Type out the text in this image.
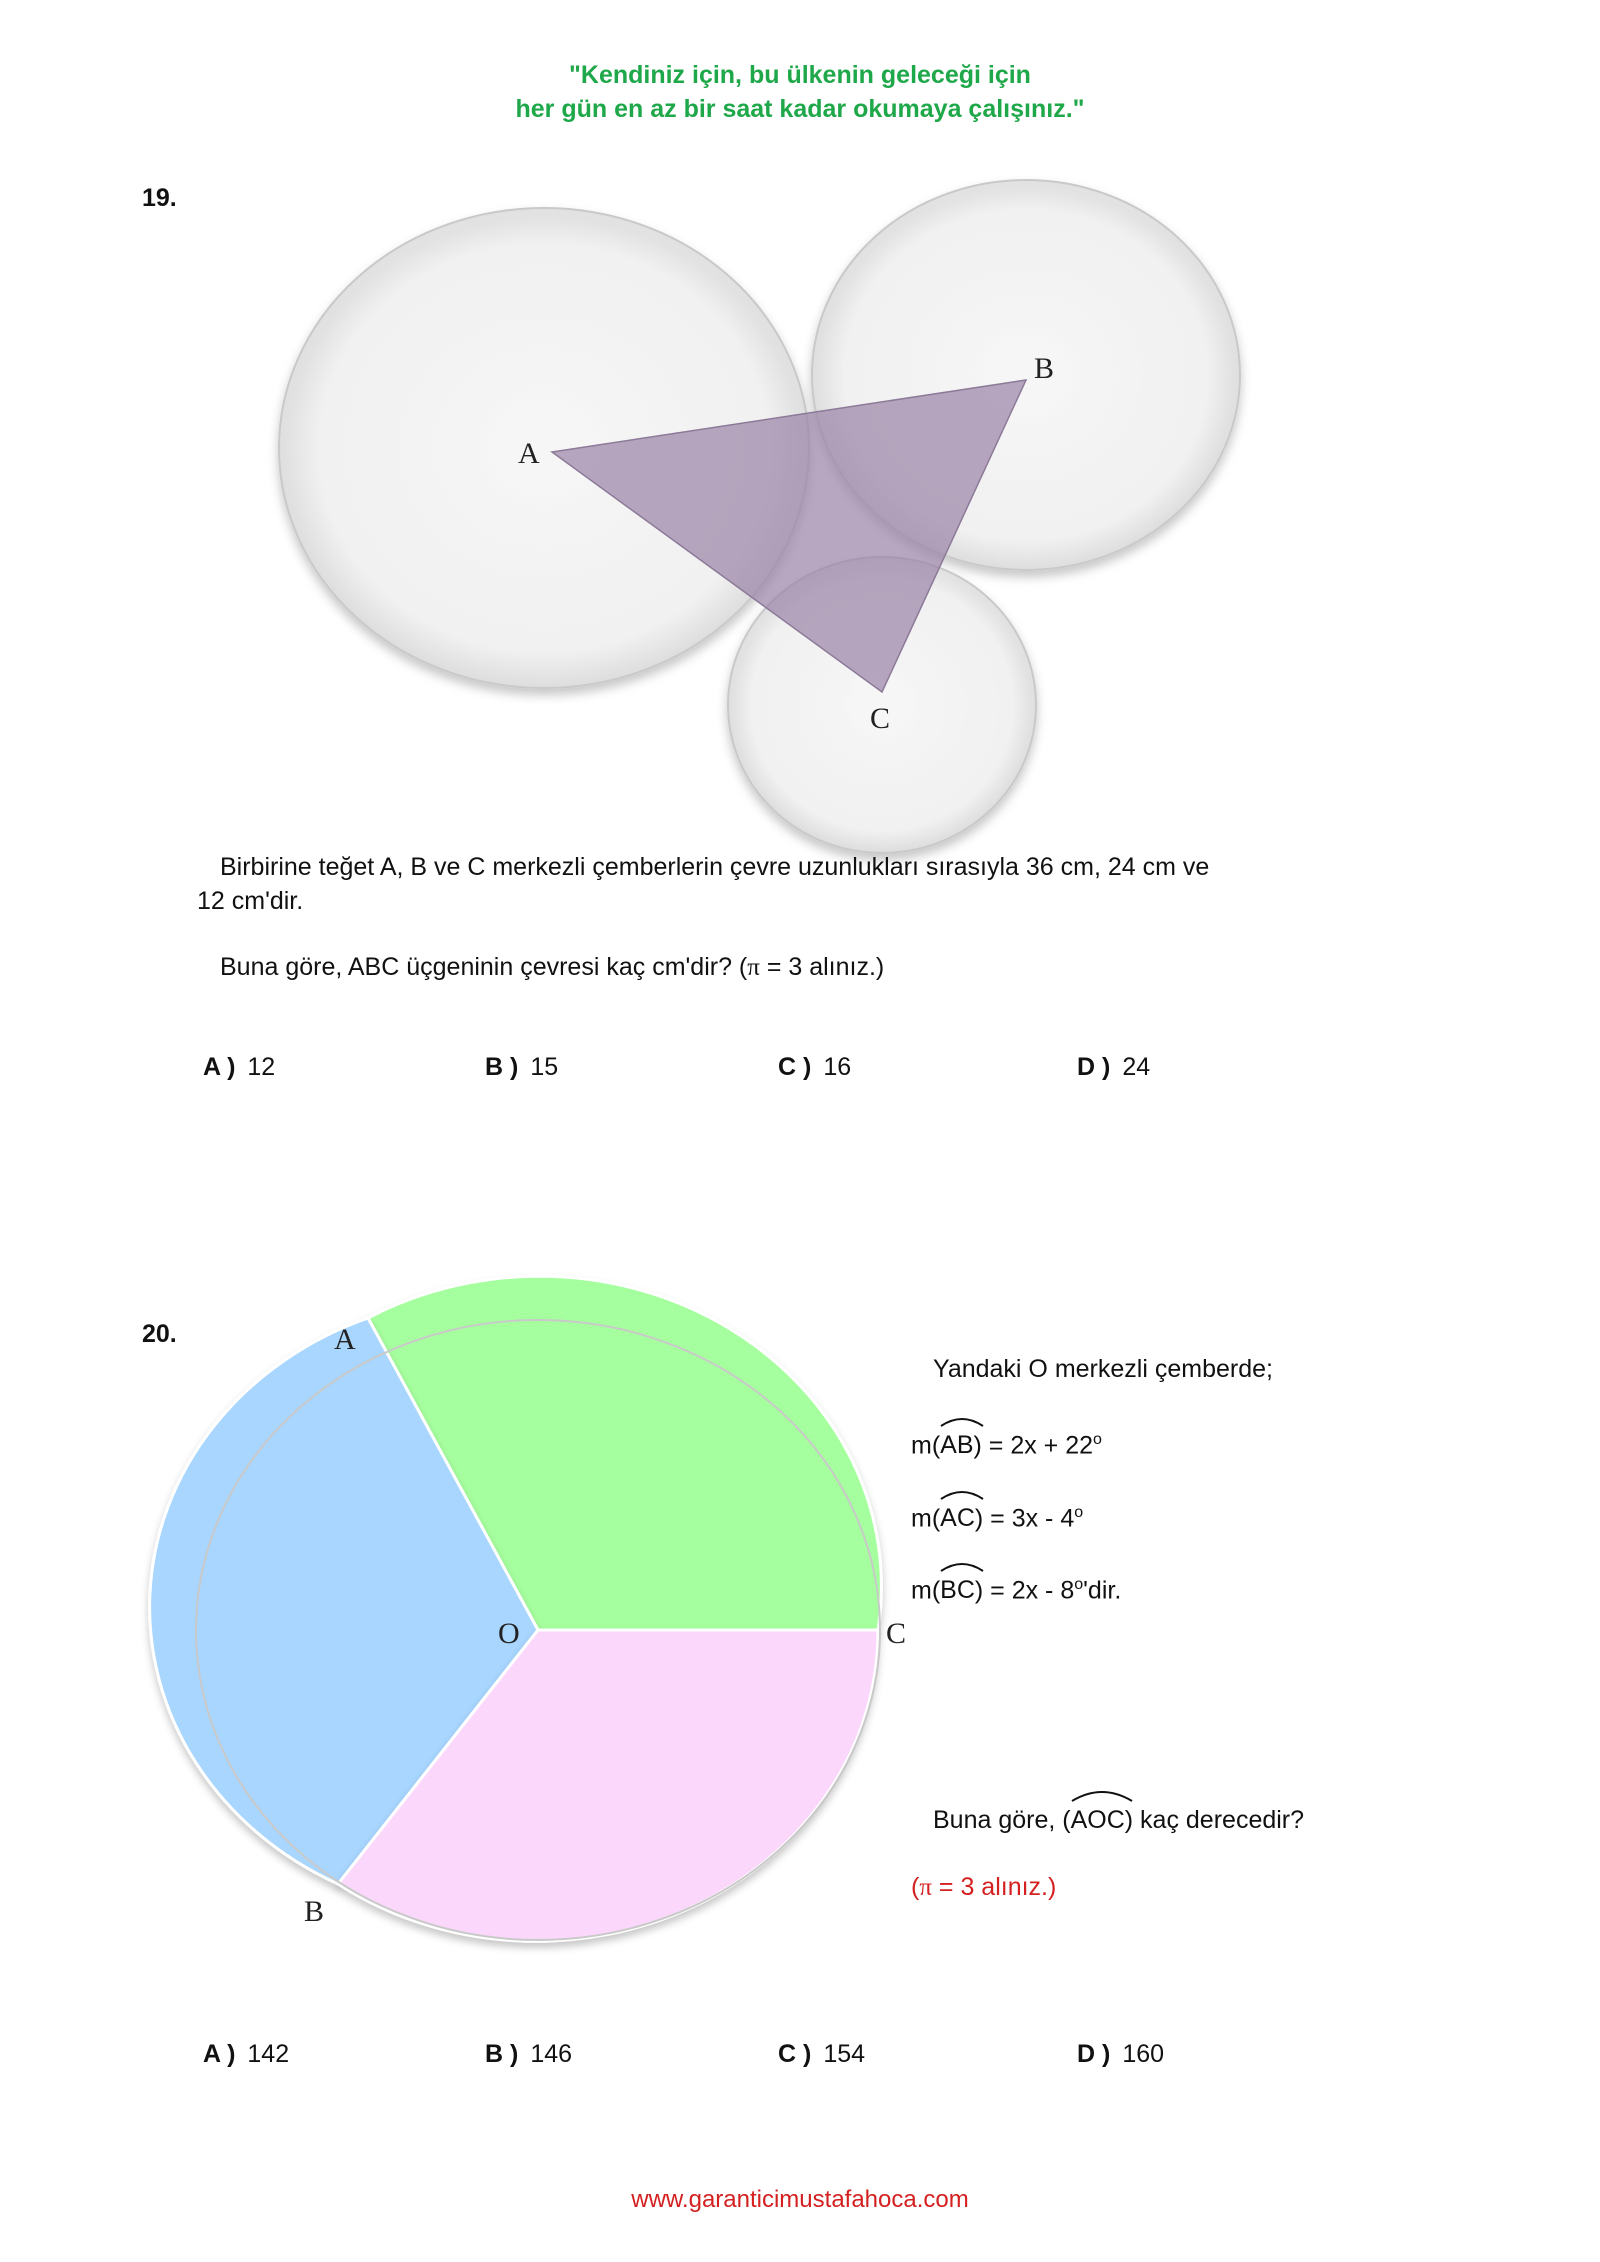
"Kendiniz için, bu ülkenin geleceği için
her gün en az bir saat kadar okumaya çalışınız."
19.
A
B
C
Birbirine teğet A, B ve C merkezli çemberlerin çevre uzunlukları sırasıyla 36 cm, 24 cm ve
12 cm'dir.
Buna göre, ABC üçgeninin çevresi kaç cm'dir? (π = 3 alınız.)
A ) 12	B ) 15	C ) 16	D ) 24
20.	A
B
C
O
Yandaki O merkezli çemberde;
m(
$AB) = 2x + 22^o$
m(
AC) = 3x - 4$^o$
m(
BC) = 2x - 8$^o$'dir.
Buna göre, (
AOC) kaç derecedir?
(π = 3 alınız.)
A ) 142	B ) 146	C ) 154	D ) 160
www.garanticimustafahoca.com
